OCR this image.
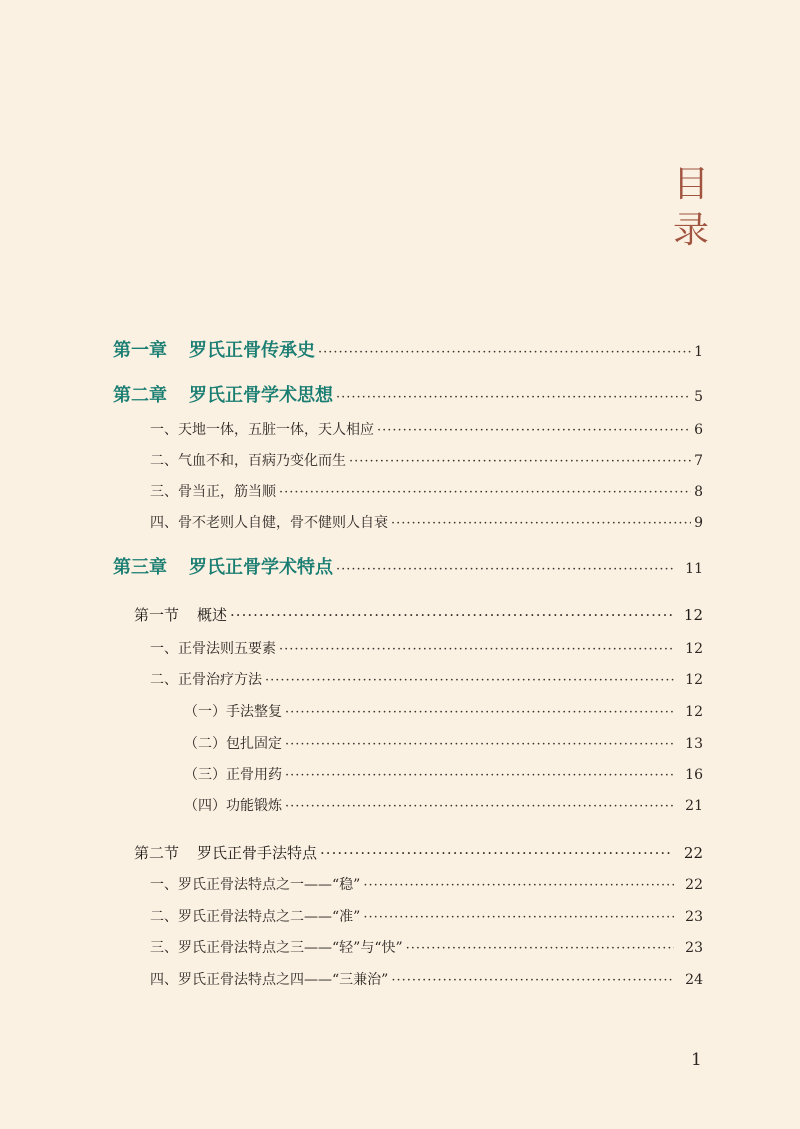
目
录
第一章 罗氏正骨传承史 ·····	1
第二章 罗氏正骨学术思想 ·····	5
一、天地一体，五脏一体，天人相应 ·····	6
二、气血不和，百病乃变化而生 ·····	7
三、骨当正，筋当顺 ·····	8
四、骨不老则人自健，骨不健则人自衰 ·····	9
第三章 罗氏正骨学术特点 ·····	11
第一节 概述 ·····	12
一、正骨法则五要素 ·····	12
二、正骨治疗方法 ·····	12
（一）手法整复 ·····	12
（二）包扎固定 ·····	13
（三）正骨用药 ·····	16
（四）功能锻炼 ·····	21
第二节 罗氏正骨手法特点 ·····	22
一、罗氏正骨法特点之一——“稳” ·····	22
二、罗氏正骨法特点之二——“准” ·····	23
三、罗氏正骨法特点之三——“轻”与“快” ·····	23
四、罗氏正骨法特点之四——“三兼治” ·····	24
1
